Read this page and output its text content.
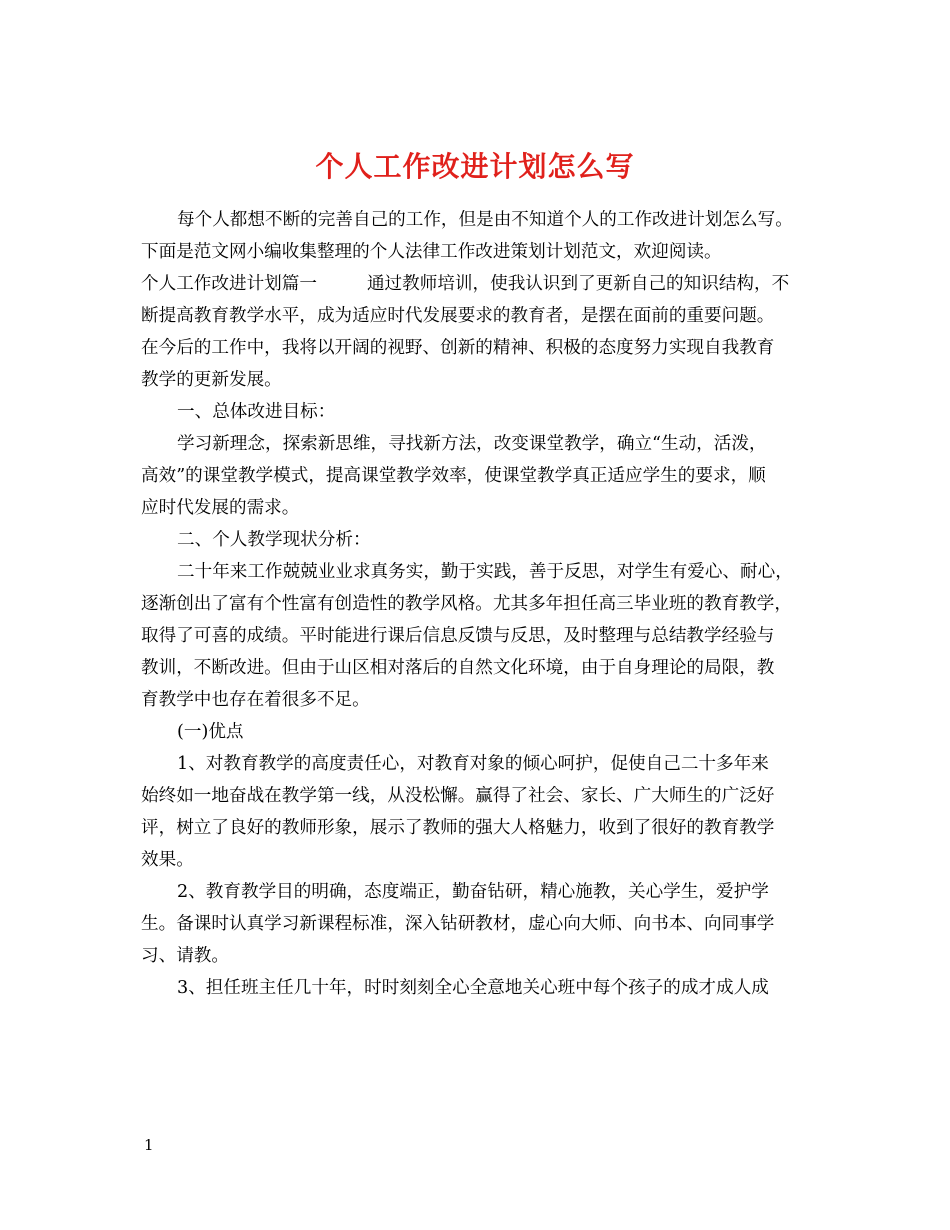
个人工作改进计划怎么写

每个人都想不断的完善自己的工作，但是由不知道个人的工作改进计划怎么写。

下面是范文网小编收集整理的个人法律工作改进策划计划范文，欢迎阅读。

个人工作改进计划篇一	通过教师培训，使我认识到了更新自己的知识结构，不

断提高教育教学水平，成为适应时代发展要求的教育者，是摆在面前的重要问题。

在今后的工作中，我将以开阔的视野、创新的精神、积极的态度努力实现自我教育

教学的更新发展。

一、总体改进目标：

学习新理念，探索新思维，寻找新方法，改变课堂教学，确立“生动，活泼，

高效”的课堂教学模式，提高课堂教学效率，使课堂教学真正适应学生的要求，顺

应时代发展的需求。

二、个人教学现状分析：

二十年来工作兢兢业业求真务实，勤于实践，善于反思，对学生有爱心、耐心，

逐渐创出了富有个性富有创造性的教学风格。尤其多年担任高三毕业班的教育教学，

取得了可喜的成绩。平时能进行课后信息反馈与反思，及时整理与总结教学经验与

教训，不断改进。但由于山区相对落后的自然文化环境，由于自身理论的局限，教

育教学中也存在着很多不足。

(一)优点

1、对教育教学的高度责任心，对教育对象的倾心呵护，促使自己二十多年来

始终如一地奋战在教学第一线，从没松懈。赢得了社会、家长、广大师生的广泛好

评，树立了良好的教师形象，展示了教师的强大人格魅力，收到了很好的教育教学

效果。

2、教育教学目的明确，态度端正，勤奋钻研，精心施教，关心学生，爱护学

生。备课时认真学习新课程标准，深入钻研教材，虚心向大师、向书本、向同事学

习、请教。

3、担任班主任几十年，时时刻刻全心全意地关心班中每个孩子的成才成人成

1
